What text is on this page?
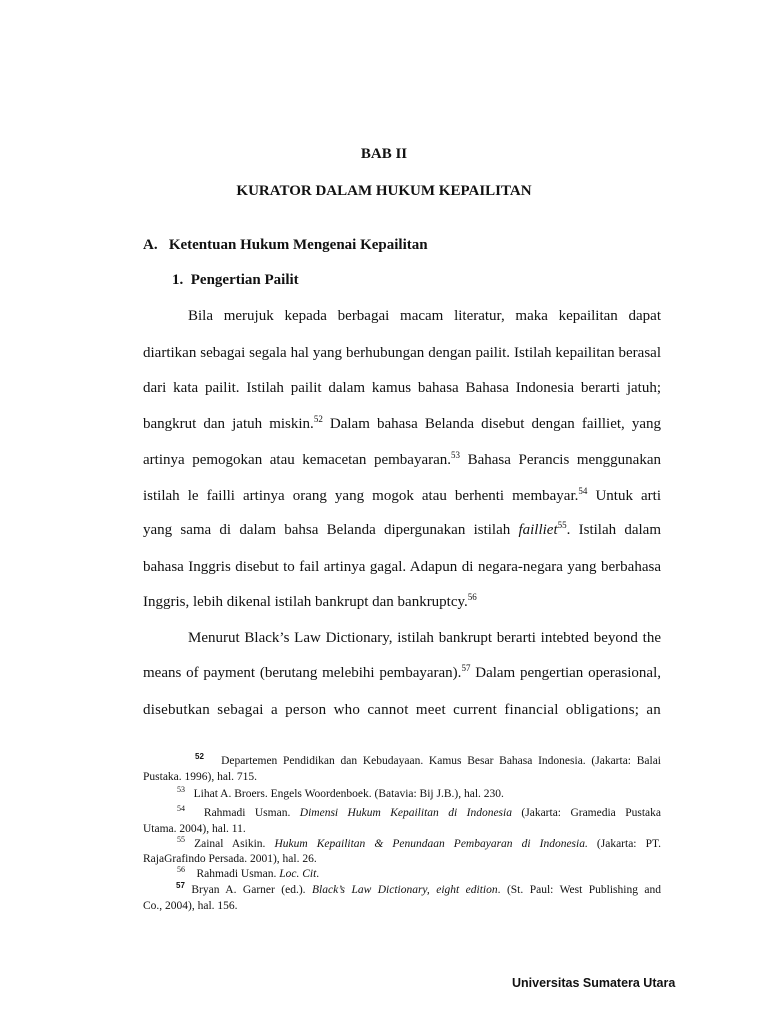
BAB II
KURATOR DALAM HUKUM KEPAILITAN
A.   Ketentuan Hukum Mengenai Kepailitan
1.  Pengertian Pailit
Bila merujuk kepada berbagai macam literatur, maka kepailitan dapat
diartikan sebagai segala hal yang berhubungan dengan pailit. Istilah kepailitan berasal
dari kata pailit. Istilah pailit dalam kamus bahasa Bahasa Indonesia berarti jatuh;
bangkrut dan jatuh miskin.$^{52}$ Dalam bahasa Belanda disebut dengan failliet, yang
artinya pemogokan atau kemacetan pembayaran.$^{53}$ Bahasa Perancis menggunakan
istilah le failli artinya orang yang mogok atau berhenti membayar.$^{54}$ Untuk arti
yang sama di dalam bahsa Belanda dipergunakan istilah failliet$^{55}$. Istilah dalam
bahasa Inggris disebut to fail artinya gagal. Adapun di negara-negara yang berbahasa
Inggris, lebih dikenal istilah bankrupt dan bankruptcy.$^{56}$
Menurut Black’s Law Dictionary, istilah bankrupt berarti intebted beyond the
means of payment (berutang melebihi pembayaran).$^{57}$ Dalam pengertian operasional,
disebutkan sebagai a person who cannot meet current financial obligations; an
$^{52}$ Departemen Pendidikan dan Kebudayaan. Kamus Besar Bahasa Indonesia. (Jakarta: Balai
Pustaka. 1996), hal. 715.
$^{53}$ Lihat A. Broers. Engels Woordenboek. (Batavia: Bij J.B.), hal. 230.
$^{54}$ Rahmadi Usman. Dimensi Hukum Kepailitan di Indonesia (Jakarta: Gramedia Pustaka
Utama. 2004), hal. 11.
$^{55}$ Zainal Asikin. Hukum Kepailitan & Penundaan Pembayaran di Indonesia. (Jakarta: PT.
RajaGrafindo Persada. 2001), hal. 26.
$^{56}$ Rahmadi Usman. Loc. Cit.
$^{57}$ Bryan A. Garner (ed.). Black’s Law Dictionary, eight edition. (St. Paul: West Publishing and
Co., 2004), hal. 156.
Universitas Sumatera Utara
